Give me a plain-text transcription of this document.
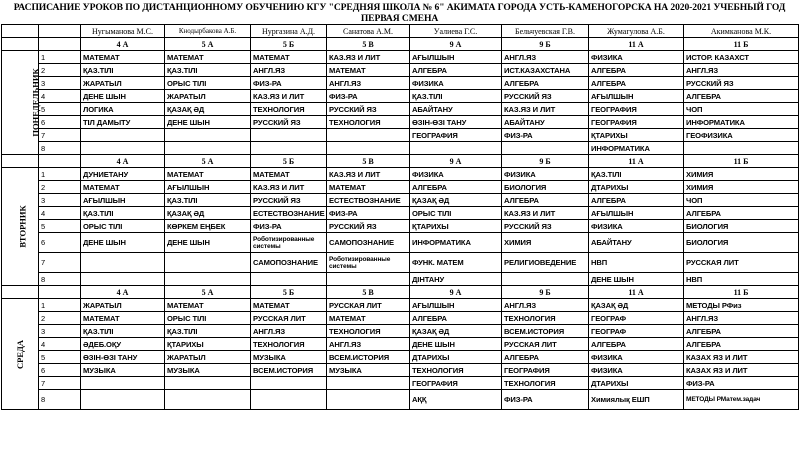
РАСПИСАНИЕ УРОКОВ ПО ДИСТАНЦИОННОМУ ОБУЧЕНИЮ КГУ "СРЕДНЯЯ ШКОЛА № 6" АКИМАТА ГОРОДА УСТЬ-КАМЕНОГОРСКА НА 2020-2021 УЧЕБНЫЙ ГОД
ПЕРВАЯ СМЕНА
		Нугыманова М.С.	Кнодырбакова А.Б.	Нургазина А.Д.	Санатова А.М.	Уалиева Г.С.	Бельчуевская Г.В.	Жумагулова А.Б.	Акимканова М.К.
		4 А	5 А	5 Б	5 В	9 А	9 Б	11 А	11 Б
ПОНЕДЕЛЬНИК	1	МАТЕМАТ	МАТЕМАТ	МАТЕМАТ	КАЗ.ЯЗ И ЛИТ	АҒЫЛШЫН	АНГЛ.ЯЗ	ФИЗИКА	ИСТОР. КАЗАХСТ
	2	ҚАЗ.ТІЛІ	ҚАЗ.ТІЛІ	АНГЛ.ЯЗ	МАТЕМАТ	АЛГЕБРА	ИСТ.КАЗАХСТАНА	АЛГЕБРА	АНГЛ.ЯЗ
	3	ЖАРАТЫЛ	ОРЫС ТІЛІ	ФИЗ-РА	АНГЛ.ЯЗ	ФИЗИКА	АЛГЕБРА	АЛГЕБРА	РУССКИЙ ЯЗ
	4	ДЕНЕ ШЫН	ЖАРАТЫЛ	КАЗ.ЯЗ И ЛИТ	ФИЗ-РА	ҚАЗ.ТІЛІ	РУССКИЙ ЯЗ	АҒЫЛШЫН	АЛГЕБРА
	5	ЛОГИКА	ҚАЗАҚ ӘД	ТЕХНОЛОГИЯ	РУССКИЙ ЯЗ	АБАЙТАНУ	КАЗ.ЯЗ И ЛИТ	ГЕОГРАФИЯ	ЧОП
	6	ТІЛ ДАМЫТУ	ДЕНЕ ШЫН	РУССКИЙ ЯЗ	ТЕХНОЛОГИЯ	ӨЗІН-ӨЗІ ТАНУ	АБАЙТАНУ	ГЕОГРАФИЯ	ИНФОРМАТИКА
	7					ГЕОГРАФИЯ	ФИЗ-РА	ҚТАРИХЫ	ГЕОФИЗИКА
	8							ИНФОРМАТИКА	
		4 А	5 А	5 Б	5 В	9 А	9 Б	11 А	11 Б
ВТОРНИК	1	ДУНИЕТАНУ	МАТЕМАТ	МАТЕМАТ	КАЗ.ЯЗ И ЛИТ	ФИЗИКА	ФИЗИКА	ҚАЗ.ТІЛІ	ХИМИЯ
	2	МАТЕМАТ	АҒЫЛШЫН	КАЗ.ЯЗ И ЛИТ	МАТЕМАТ	АЛГЕБРА	БИОЛОГИЯ	ДТАРИХЫ	ХИМИЯ
	3	АҒЫЛШЫН	ҚАЗ.ТІЛІ	РУССКИЙ ЯЗ	ЕСТЕСТВОЗНАНИЕ	ҚАЗАҚ ӘД	АЛГЕБРА	АЛГЕБРА	ЧОП
	4	ҚАЗ.ТІЛІ	ҚАЗАҚ ӘД	ЕСТЕСТВОЗНАНИЕ	ФИЗ-РА	ОРЫС ТІЛІ	КАЗ.ЯЗ И ЛИТ	АҒЫЛШЫН	АЛГЕБРА
	5	ОРЫС ТІЛІ	КӨРКЕМ ЕҢБЕК	ФИЗ-РА	РУССКИЙ ЯЗ	ҚТАРИХЫ	РУССКИЙ ЯЗ	ФИЗИКА	БИОЛОГИЯ
	6	ДЕНЕ ШЫН	ДЕНЕ ШЫН	Роботизированные системы	САМОПОЗНАНИЕ	ИНФОРМАТИКА	ХИМИЯ	АБАЙТАНУ	БИОЛОГИЯ
	7			САМОПОЗНАНИЕ	Роботизированные системы	ФУНК. МАТЕМ	РЕЛИГИОВЕДЕНИЕ	НВП	РУССКАЯ ЛИТ
	8					ДІНТАНУ		ДЕНЕ ШЫН	НВП
		4 А	5 А	5 Б	5 В	9 А	9 Б	11 А	11 Б
СРЕДА	1	ЖАРАТЫЛ	МАТЕМАТ	МАТЕМАТ	РУССКАЯ ЛИТ	АҒЫЛШЫН	АНГЛ.ЯЗ	ҚАЗАҚ ӘД	МЕТОДЫ РФиз
	2	МАТЕМАТ	ОРЫС ТІЛІ	РУССКАЯ ЛИТ	МАТЕМАТ	АЛГЕБРА	ТЕХНОЛОГИЯ	ГЕОГРАФ	АНГЛ.ЯЗ
	3	ҚАЗ.ТІЛІ	ҚАЗ.ТІЛІ	АНГЛ.ЯЗ	ТЕХНОЛОГИЯ	ҚАЗАҚ ӘД	ВСЕМ.ИСТОРИЯ	ГЕОГРАФ	АЛГЕБРА
	4	ӘДЕБ.ОҚУ	ҚТАРИХЫ	ТЕХНОЛОГИЯ	АНГЛ.ЯЗ	ДЕНЕ ШЫН	РУССКАЯ ЛИТ	АЛГЕБРА	АЛГЕБРА
	5	ӨЗІН-ӨЗІ ТАНУ	ЖАРАТЫЛ	МУЗЫКА	ВСЕМ.ИСТОРИЯ	ДТАРИХЫ	АЛГЕБРА	ФИЗИКА	КАЗАХ ЯЗ И ЛИТ
	6	МУЗЫКА	МУЗЫКА	ВСЕМ.ИСТОРИЯ	МУЗЫКА	ТЕХНОЛОГИЯ	ГЕОГРАФИЯ	ФИЗИКА	КАЗАХ ЯЗ И ЛИТ
	7					ГЕОГРАФИЯ	ТЕХНОЛОГИЯ	ДТАРИХЫ	ФИЗ-РА
	8					АҚҚ	ФИЗ-РА	Химиялық ЕШП	МЕТОДЫ РМатем.задач
